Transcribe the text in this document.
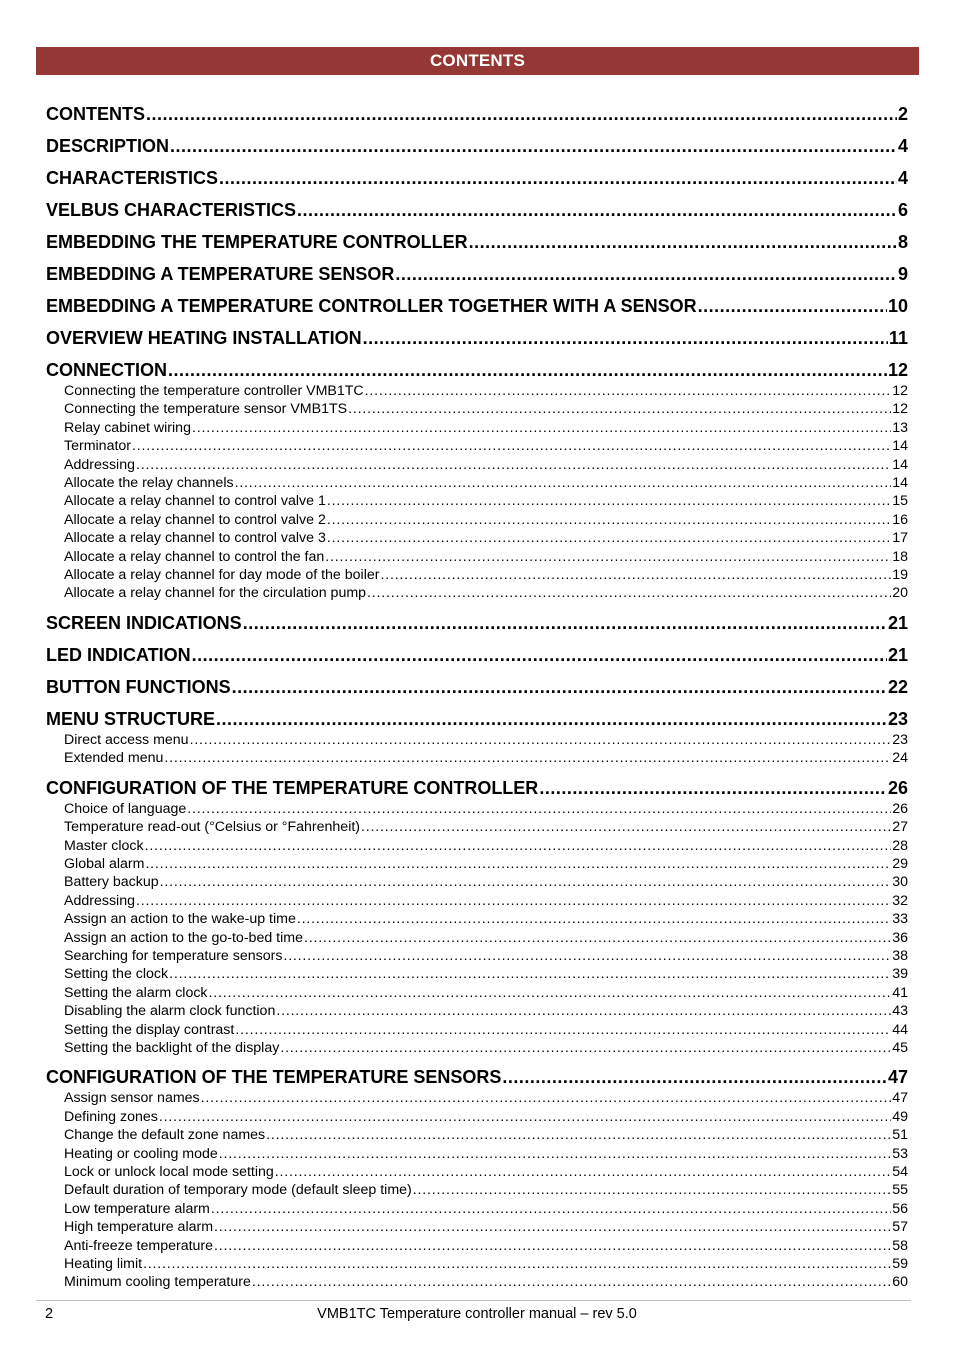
CONTENTS
CONTENTS .....	2
DESCRIPTION .....	4
CHARACTERISTICS .....	4
VELBUS CHARACTERISTICS .....	6
EMBEDDING THE TEMPERATURE CONTROLLER .....	8
EMBEDDING A TEMPERATURE SENSOR .....	9
EMBEDDING A TEMPERATURE CONTROLLER TOGETHER WITH A SENSOR .....	10
OVERVIEW HEATING INSTALLATION .....	11
CONNECTION .....	12
Connecting the temperature controller VMB1TC .....	12
Connecting the temperature sensor VMB1TS .....	12
Relay cabinet wiring .....	13
Terminator .....	14
Addressing .....	14
Allocate the relay channels .....	14
Allocate a relay channel to control valve 1 .....	15
Allocate a relay channel to control valve 2 .....	16
Allocate a relay channel to control valve 3 .....	17
Allocate a relay channel to control the fan .....	18
Allocate a relay channel for day mode of the boiler .....	19
Allocate a relay channel for the circulation pump .....	20
SCREEN INDICATIONS .....	21
LED INDICATION .....	21
BUTTON FUNCTIONS .....	22
MENU STRUCTURE .....	23
Direct access menu .....	23
Extended menu .....	24
CONFIGURATION OF THE TEMPERATURE CONTROLLER .....	26
Choice of language .....	26
Temperature read-out (°Celsius or °Fahrenheit) .....	27
Master clock .....	28
Global alarm .....	29
Battery backup .....	30
Addressing .....	32
Assign an action to the wake-up time .....	33
Assign an action to the go-to-bed time .....	36
Searching for temperature sensors .....	38
Setting the clock .....	39
Setting the alarm clock .....	41
Disabling the alarm clock function .....	43
Setting the display contrast .....	44
Setting the backlight of the display .....	45
CONFIGURATION OF THE TEMPERATURE SENSORS .....	47
Assign sensor names .....	47
Defining zones .....	49
Change the default zone names .....	51
Heating or cooling mode .....	53
Lock or unlock local mode setting .....	54
Default duration of temporary mode (default sleep time) .....	55
Low temperature alarm .....	56
High temperature alarm .....	57
Anti-freeze temperature .....	58
Heating limit .....	59
Minimum cooling temperature .....	60
2	VMB1TC Temperature controller manual – rev 5.0
